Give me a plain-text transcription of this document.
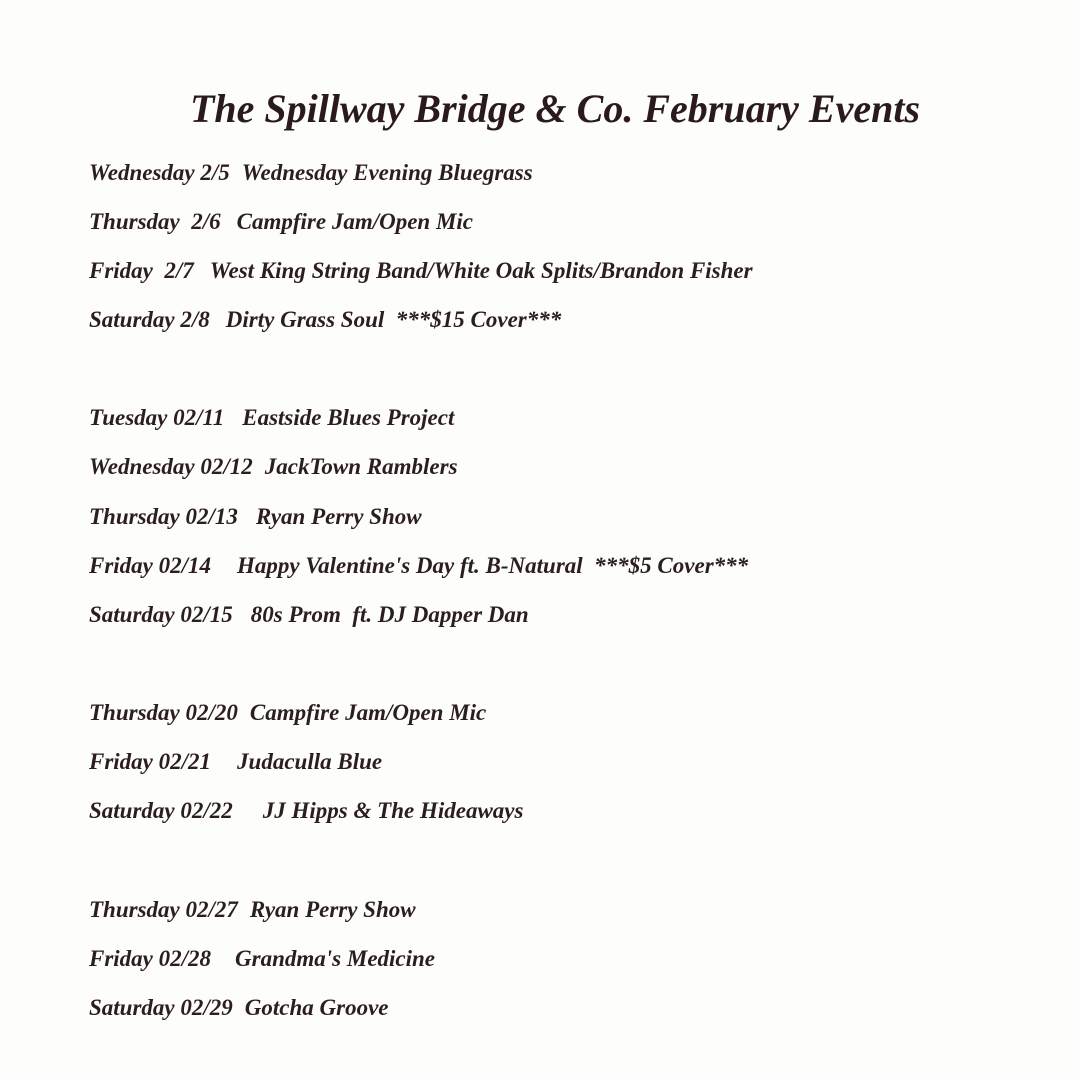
The Spillway Bridge & Co. February Events
Wednesday 2/5 Wednesday Evening Bluegrass
Thursday  2/6 Campfire Jam/Open Mic
Friday  2/7 West King String Band/White Oak Splits/Brandon Fisher
Saturday 2/8 Dirty Grass Soul  ***$15 Cover***
Tuesday 02/11 Eastside Blues Project
Wednesday 02/12 JackTown Ramblers
Thursday 02/13 Ryan Perry Show
Friday 02/14 Happy Valentine's Day ft. B-Natural  ***$5 Cover***
Saturday 02/15 80s Prom  ft. DJ Dapper Dan
Thursday 02/20 Campfire Jam/Open Mic
Friday 02/21 Judaculla Blue
Saturday 02/22 JJ Hipps & The Hideaways
Thursday 02/27 Ryan Perry Show
Friday 02/28 Grandma's Medicine
Saturday 02/29 Gotcha Groove
